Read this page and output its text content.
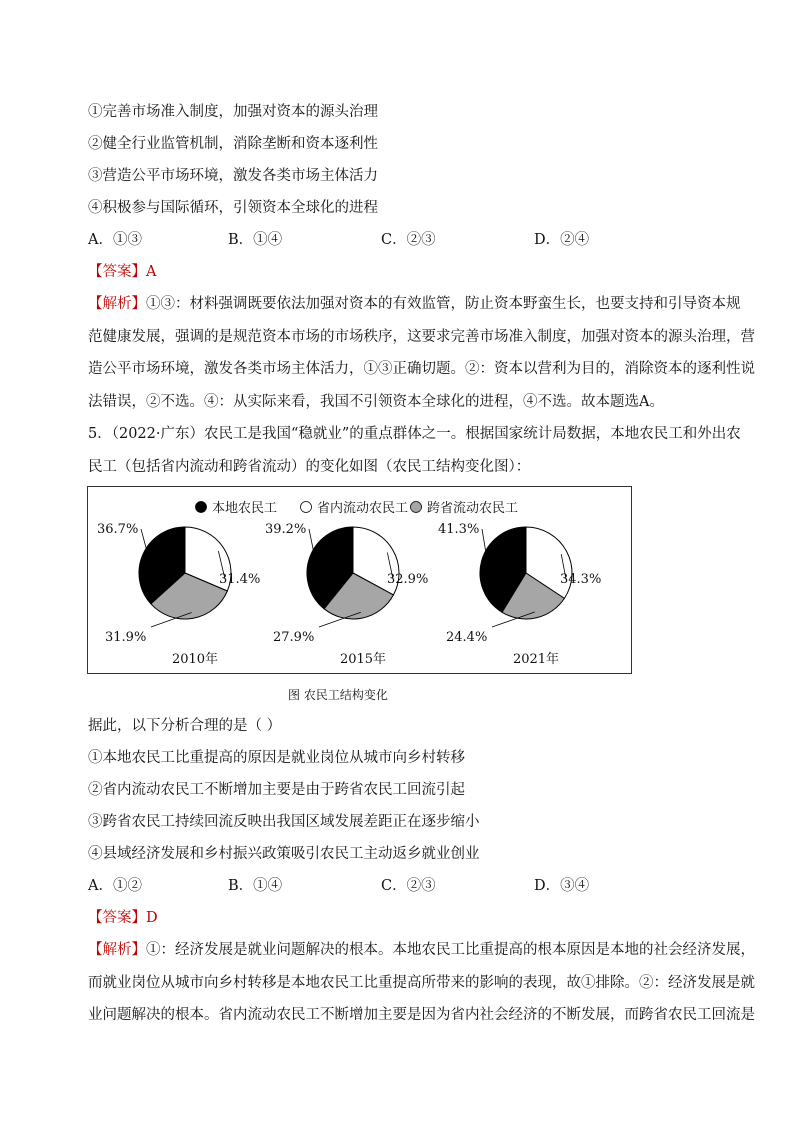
①完善市场准入制度，加强对资本的源头治理
②健全行业监管机制，消除垄断和资本逐利性
③营造公平市场环境，激发各类市场主体活力
④积极参与国际循环，引领资本全球化的进程
A．①③	B．①④	C．②③	D．②④
【答案】A
【解析】①③：材料强调既要依法加强对资本的有效监管，防止资本野蛮生长，也要支持和引导资本规
范健康发展，强调的是规范资本市场的市场秩序，这要求完善市场准入制度，加强对资本的源头治理，营
造公平市场环境，激发各类市场主体活力，①③正确切题。②：资本以营利为目的，消除资本的逐利性说
法错误，②不选。④：从实际来看，我国不引领资本全球化的进程，④不选。故本题选A。
5．（2022·广东）农民工是我国“稳就业”的重点群体之一。根据国家统计局数据，本地农民工和外出农
民工（包括省内流动和跨省流动）的变化如图（农民工结构变化图）：
本地农民工	省内流动农民工 跨省流动农民工
36.7%
31.4%
31.9%
2010年
39.2%
32.9%
27.9%
2015年
41.3%
34.3%
24.4%
2021年
图 农民工结构变化
据此，以下分析合理的是（ ）
①本地农民工比重提高的原因是就业岗位从城市向乡村转移
②省内流动农民工不断增加主要是由于跨省农民工回流引起
③跨省农民工持续回流反映出我国区域发展差距正在逐步缩小
④县域经济发展和乡村振兴政策吸引农民工主动返乡就业创业
A．①②	B．①④	C．②③	D．③④
【答案】D
【解析】①：经济发展是就业问题解决的根本。本地农民工比重提高的根本原因是本地的社会经济发展，
而就业岗位从城市向乡村转移是本地农民工比重提高所带来的影响的表现，故①排除。②：经济发展是就
业问题解决的根本。省内流动农民工不断增加主要是因为省内社会经济的不断发展，而跨省农民工回流是
